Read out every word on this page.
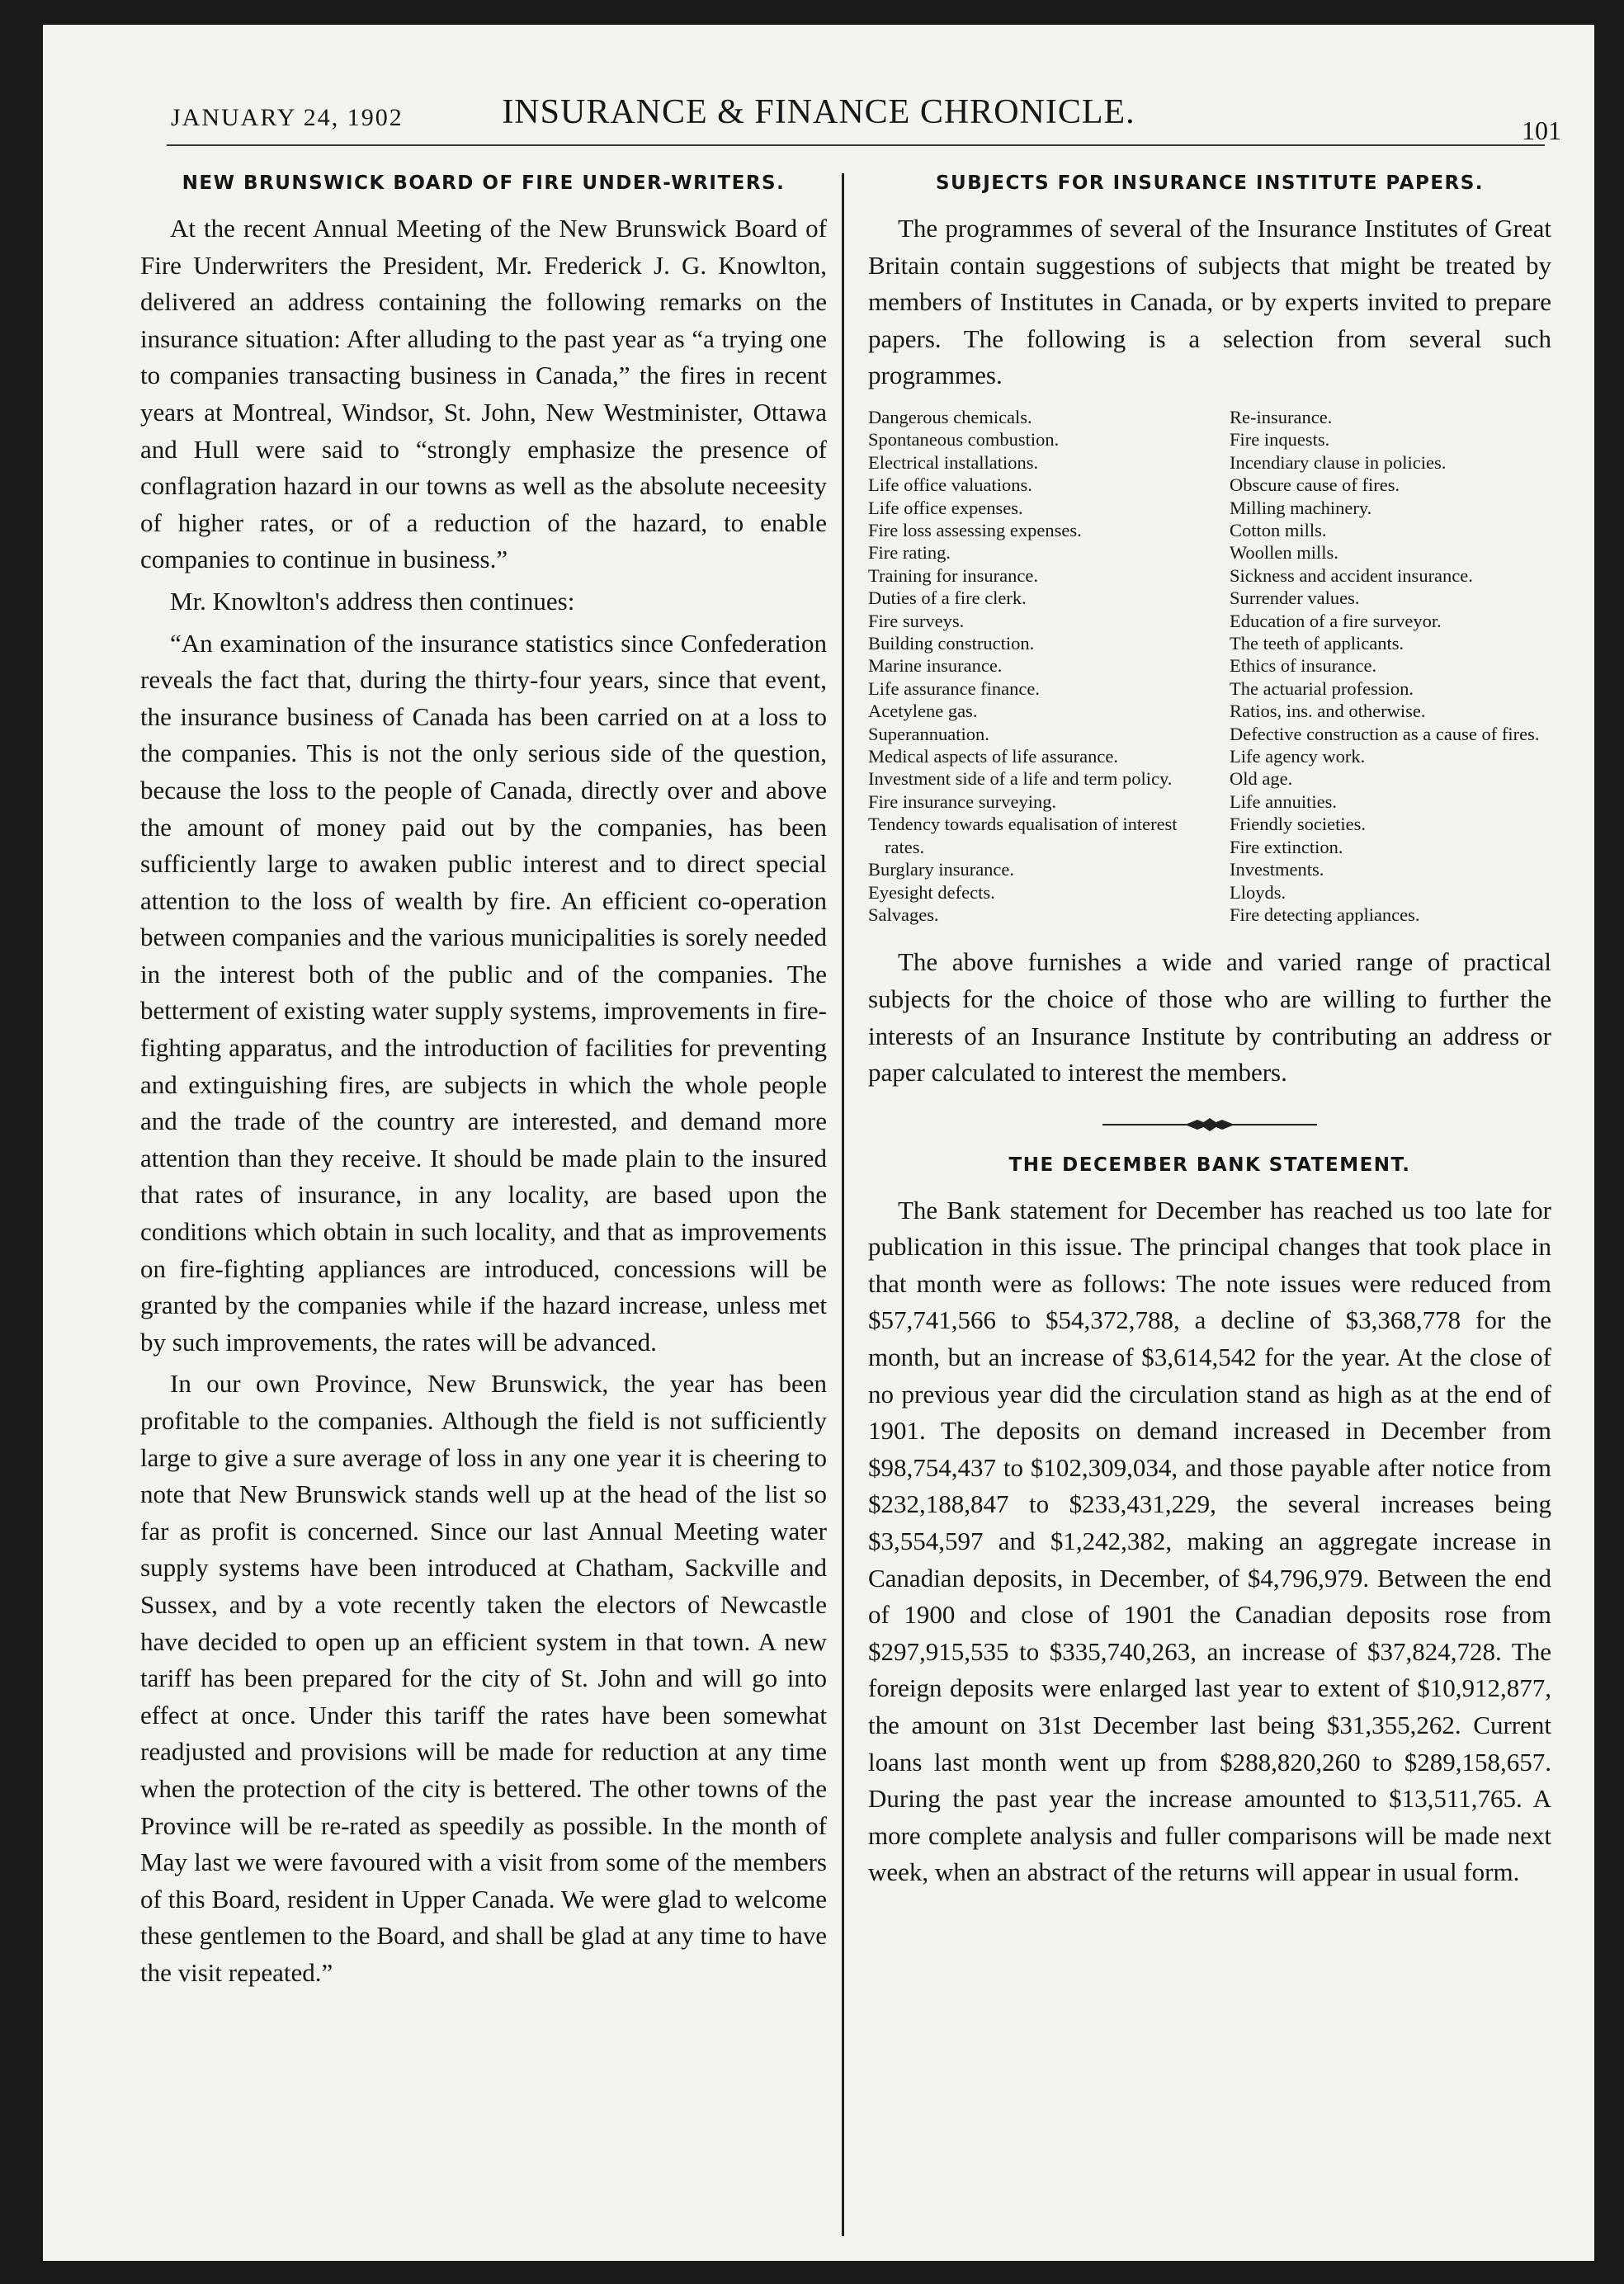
JANUARY 24, 1902	INSURANCE & FINANCE CHRONICLE.	101
NEW BRUNSWICK BOARD OF FIRE UNDER-WRITERS.

At the recent Annual Meeting of the New Brunswick Board of Fire Underwriters the President, Mr. Frederick J. G. Knowlton, delivered an address containing the following remarks on the insurance situation: After alluding to the past year as “a trying one to companies transacting business in Canada,” the fires in recent years at Montreal, Windsor, St. John, New Westminister, Ottawa and Hull were said to “strongly emphasize the presence of conflagration hazard in our towns as well as the absolute neceesity of higher rates, or of a reduction of the hazard, to enable companies to continue in business.”

Mr. Knowlton's address then continues:

“An examination of the insurance statistics since Confederation reveals the fact that, during the thirty-four years, since that event, the insurance business of Canada has been carried on at a loss to the companies. This is not the only serious side of the question, because the loss to the people of Canada, directly over and above the amount of money paid out by the companies, has been sufficiently large to awaken public interest and to direct special attention to the loss of wealth by fire. An efficient co-operation between companies and the various municipalities is sorely needed in the interest both of the public and of the companies. The betterment of existing water supply systems, improvements in fire-fighting apparatus, and the introduction of facilities for preventing and extinguishing fires, are subjects in which the whole people and the trade of the country are interested, and demand more attention than they receive. It should be made plain to the insured that rates of insurance, in any locality, are based upon the conditions which obtain in such locality, and that as improvements on fire-fighting appliances are introduced, concessions will be granted by the companies while if the hazard increase, unless met by such improvements, the rates will be advanced.

In our own Province, New Brunswick, the year has been profitable to the companies. Although the field is not sufficiently large to give a sure average of loss in any one year it is cheering to note that New Brunswick stands well up at the head of the list so far as profit is concerned. Since our last Annual Meeting water supply systems have been introduced at Chatham, Sackville and Sussex, and by a vote recently taken the electors of Newcastle have decided to open up an efficient system in that town. A new tariff has been prepared for the city of St. John and will go into effect at once. Under this tariff the rates have been somewhat readjusted and provisions will be made for reduction at any time when the protection of the city is bettered. The other towns of the Province will be re-rated as speedily as possible. In the month of May last we were favoured with a visit from some of the members of this Board, resident in Upper Canada. We were glad to welcome these gentlemen to the Board, and shall be glad at any time to have the visit repeated.”

SUBJECTS FOR INSURANCE INSTITUTE PAPERS.

The programmes of several of the Insurance Institutes of Great Britain contain suggestions of subjects that might be treated by members of Institutes in Canada, or by experts invited to prepare papers. The following is a selection from several such programmes.

Dangerous chemicals.
Spontaneous combustion.
Electrical installations.
Life office valuations.
Life office expenses.
Fire loss assessing expenses.
Fire rating.
Training for insurance.
Duties of a fire clerk.
Fire surveys.
Building construction.
Marine insurance.
Life assurance finance.
Acetylene gas.
Superannuation.
Medical aspects of life assurance.
Investment side of a life and term policy.
Fire insurance surveying.
Tendency towards equalisation of interest rates.
Burglary insurance.
Eyesight defects.
Salvages.
Re-insurance.
Fire inquests.
Incendiary clause in policies.
Obscure cause of fires.
Milling machinery.
Cotton mills.
Woollen mills.
Sickness and accident insurance.
Surrender values.
Education of a fire surveyor.
The teeth of applicants.
Ethics of insurance.
The actuarial profession.
Ratios, ins. and otherwise.
Defective construction as a cause of fires.
Life agency work.
Old age.
Life annuities.
Friendly societies.
Fire extinction.
Investments.
Lloyds.
Fire detecting appliances.

The above furnishes a wide and varied range of practical subjects for the choice of those who are willing to further the interests of an Insurance Institute by contributing an address or paper calculated to interest the members.

THE DECEMBER BANK STATEMENT.

The Bank statement for December has reached us too late for publication in this issue. The principal changes that took place in that month were as follows: The note issues were reduced from $57,741,566 to $54,372,788, a decline of $3,368,778 for the month, but an increase of $3,614,542 for the year. At the close of no previous year did the circulation stand as high as at the end of 1901. The deposits on demand increased in December from $98,754,437 to $102,309,034, and those payable after notice from $232,188,847 to $233,431,229, the several increases being $3,554,597 and $1,242,382, making an aggregate increase in Canadian deposits, in December, of $4,796,979. Between the end of 1900 and close of 1901 the Canadian deposits rose from $297,915,535 to $335,740,263, an increase of $37,824,728. The foreign deposits were enlarged last year to extent of $10,912,877, the amount on 31st December last being $31,355,262. Current loans last month went up from $288,820,260 to $289,158,657. During the past year the increase amounted to $13,511,765. A more complete analysis and fuller comparisons will be made next week, when an abstract of the returns will appear in usual form.
